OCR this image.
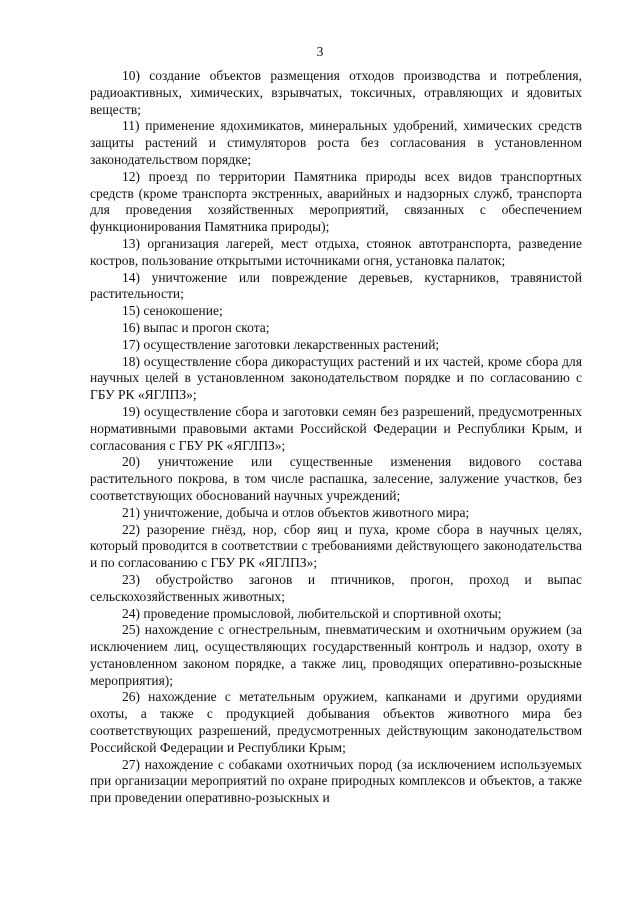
3

10) создание объектов размещения отходов производства и потребления, радиоактивных, химических, взрывчатых, токсичных, отравляющих и ядовитых веществ;

11) применение ядохимикатов, минеральных удобрений, химических средств защиты растений и стимуляторов роста без согласования в установленном законодательством порядке;

12) проезд по территории Памятника природы всех видов транспортных средств (кроме транспорта экстренных, аварийных и надзорных служб, транспорта для проведения хозяйственных мероприятий, связанных с обеспечением функционирования Памятника природы);

13) организация лагерей, мест отдыха, стоянок автотранспорта, разведение костров, пользование открытыми источниками огня, установка палаток;

14) уничтожение или повреждение деревьев, кустарников, травянистой растительности;

15) сенокошение;

16) выпас и прогон скота;

17) осуществление заготовки лекарственных растений;

18) осуществление сбора дикорастущих растений и их частей, кроме сбора для научных целей в установленном законодательством порядке и по согласованию с ГБУ РК «ЯГЛПЗ»;

19) осуществление сбора и заготовки семян без разрешений, предусмотренных нормативными правовыми актами Российской Федерации и Республики Крым, и согласования с ГБУ РК «ЯГЛПЗ»;

20) уничтожение или существенные изменения видового состава растительного покрова, в том числе распашка, залесение, залужение участков, без соответствующих обоснований научных учреждений;

21) уничтожение, добыча и отлов объектов животного мира;

22) разорение гнёзд, нор, сбор яиц и пуха, кроме сбора в научных целях, который проводится в соответствии с требованиями действующего законодательства и по согласованию с ГБУ РК «ЯГЛПЗ»;

23) обустройство загонов и птичников, прогон, проход и выпас сельскохозяйственных животных;

24) проведение промысловой, любительской и спортивной охоты;

25) нахождение с огнестрельным, пневматическим и охотничьим оружием (за исключением лиц, осуществляющих государственный контроль и надзор, охоту в установленном законом порядке, а также лиц, проводящих оперативно-розыскные мероприятия);

26) нахождение с метательным оружием, капканами и другими орудиями охоты, а также с продукцией добывания объектов животного мира без соответствующих разрешений, предусмотренных действующим законодательством Российской Федерации и Республики Крым;

27) нахождение с собаками охотничьих пород (за исключением используемых при организации мероприятий по охране природных комплексов и объектов, а также при проведении оперативно-розыскных и
